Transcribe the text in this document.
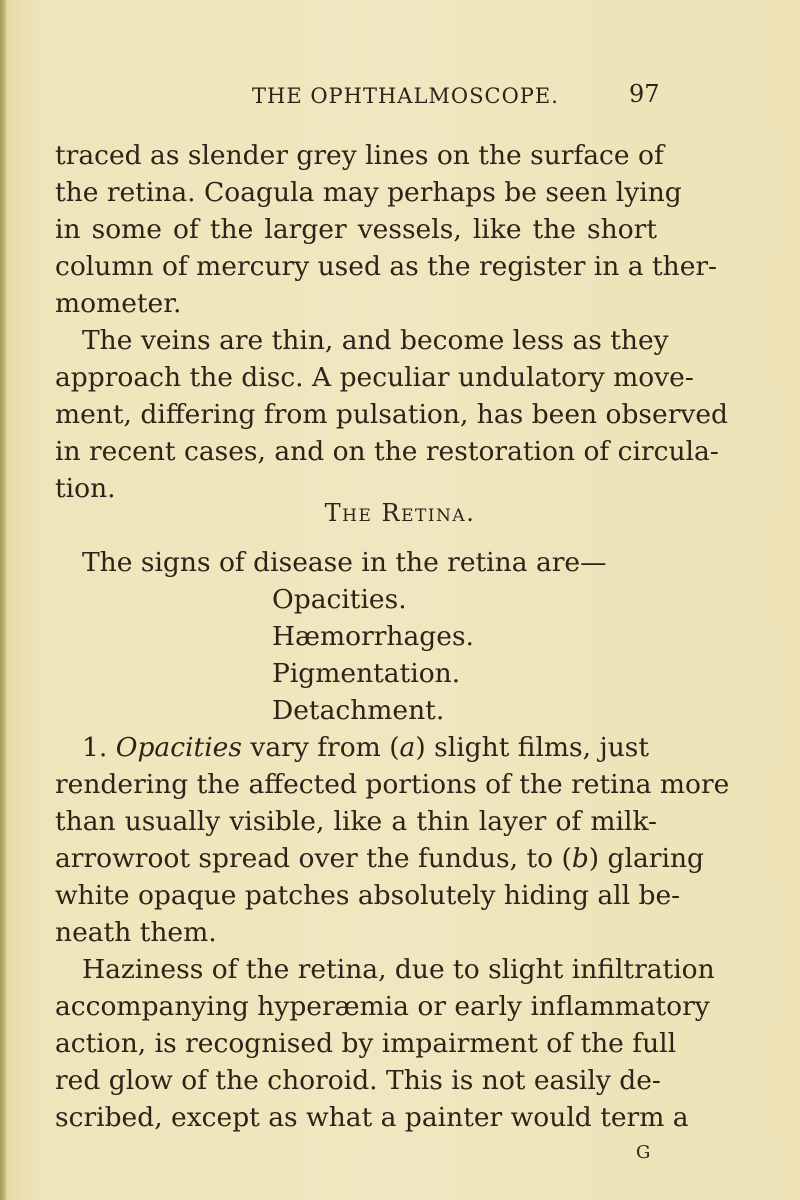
THE OPHTHALMOSCOPE.	97
traced as slender grey lines on the surface of
the retina. Coagula may perhaps be seen lying
in some of the larger vessels, like the short
column of mercury used as the register in a ther-
mometer.
The veins are thin, and become less as they
approach the disc. A peculiar undulatory move-
ment, differing from pulsation, has been observed
in recent cases, and on the restoration of circula-
tion.
The Retina.
The signs of disease in the retina are—
Opacities.
Hæmorrhages.
Pigmentation.
Detachment.
1. Opacities vary from (a) slight films, just
rendering the affected portions of the retina more
than usually visible, like a thin layer of milk-
arrowroot spread over the fundus, to (b) glaring
white opaque patches absolutely hiding all be-
neath them.
Haziness of the retina, due to slight infiltration
accompanying hyperæmia or early inflammatory
action, is recognised by impairment of the full
red glow of the choroid. This is not easily de-
scribed, except as what a painter would term a
G
